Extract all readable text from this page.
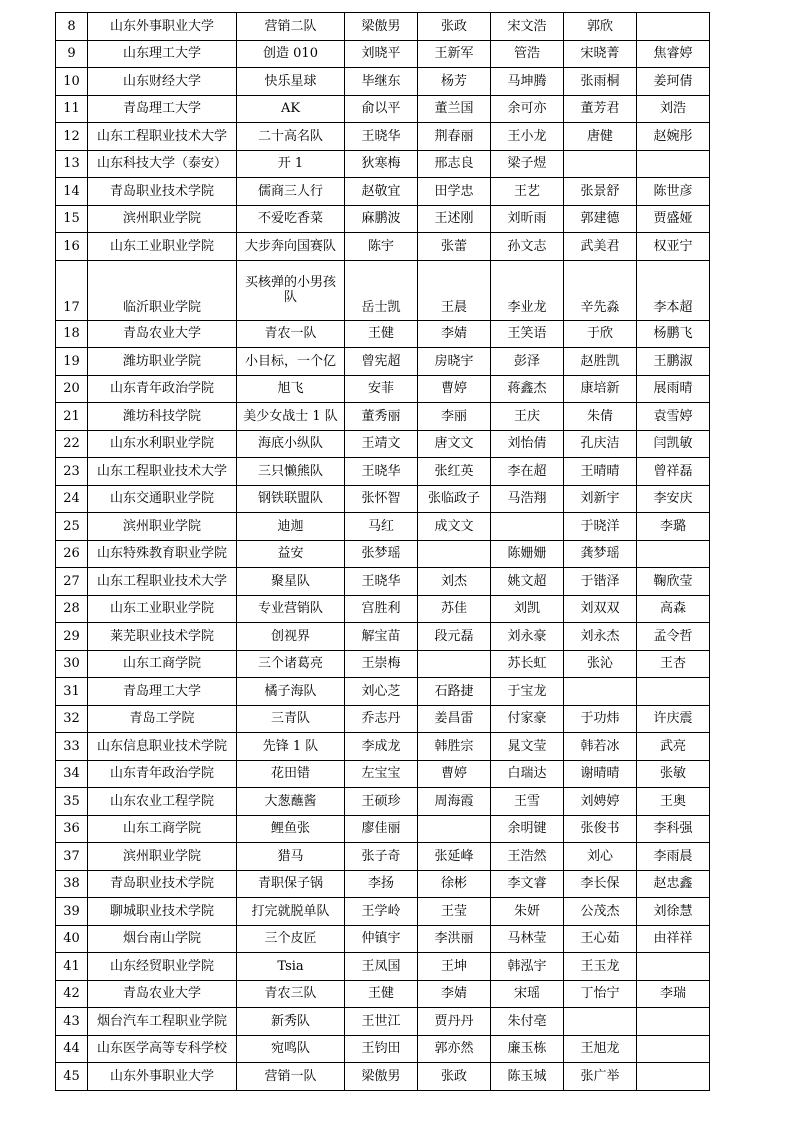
8	山东外事职业大学	营销二队	梁傲男	张政	宋文浩	郭欣	
9	山东理工大学	创造 010	刘晓平	王新军	管浩	宋晓菁	焦睿婷
10	山东财经大学	快乐星球	毕继东	杨芳	马坤腾	张雨桐	姜珂倩
11	青岛理工大学	AK	俞以平	董兰国	余可亦	董芳君	刘浩
12	山东工程职业技术大学	二十高名队	王晓华	荆春丽	王小龙	唐健	赵婉彤
13	山东科技大学（泰安）	开 1	狄寒梅	邢志良	梁子煜		
14	青岛职业技术学院	儒商三人行	赵敬宜	田学忠	王艺	张景舒	陈世彦
15	滨州职业学院	不爱吃香菜	麻鹏波	王述刚	刘昕雨	郭建德	贾盛娅
16	山东工业职业学院	大步奔向国赛队	陈宇	张蕾	孙文志	武美君	权亚宁
17	临沂职业学院	买核弹的小男孩队	岳士凯	王晨	李业龙	辛先淼	李本超
18	青岛农业大学	青农一队	王健	李婧	王笑语	于欣	杨鹏飞
19	潍坊职业学院	小目标，一个亿	曾宪超	房晓宇	彭泽	赵胜凯	王鹏淑
20	山东青年政治学院	旭飞	安菲	曹婷	蒋鑫杰	康培新	展雨晴
21	潍坊科技学院	美少女战士 1 队	董秀丽	李丽	王庆	朱倩	袁雪婷
22	山东水利职业学院	海底小纵队	王靖文	唐文文	刘怡倩	孔庆洁	闫凯敏
23	山东工程职业技术大学	三只懒熊队	王晓华	张红英	李在超	王晴晴	曾祥磊
24	山东交通职业学院	钢铁联盟队	张怀智	张临政子	马浩翔	刘新宇	李安庆
25	滨州职业学院	迪迦	马红	成文文		于晓洋	李璐
26	山东特殊教育职业学院	益安	张梦瑶		陈姗姗	龚梦瑶	
27	山东工程职业技术大学	聚星队	王晓华	刘杰	姚文超	于锴泽	鞠欣莹
28	山东工业职业学院	专业营销队	宫胜利	苏佳	刘凯	刘双双	高森
29	莱芜职业技术学院	创视界	解宝苗	段元磊	刘永豪	刘永杰	孟令哲
30	山东工商学院	三个诸葛亮	王崇梅		苏长虹	张沁	王杏
31	青岛理工大学	橘子海队	刘心芝	石路捷	于宝龙		
32	青岛工学院	三青队	乔志丹	姜昌雷	付家豪	于功炜	许庆震
33	山东信息职业技术学院	先锋 1 队	李成龙	韩胜宗	晁文莹	韩若冰	武亮
34	山东青年政治学院	花田错	左宝宝	曹婷	白瑞达	谢晴晴	张敏
35	山东农业工程学院	大葱蘸酱	王硕珍	周海霞	王雪	刘娉婷	王奥
36	山东工商学院	鲤鱼张	廖佳丽		余明键	张俊书	李科强
37	滨州职业学院	猎马	张子奇	张延峰	王浩然	刘心	李雨晨
38	青岛职业技术学院	青职保子锅	李扬	徐彬	李文睿	李长保	赵忠鑫
39	聊城职业技术学院	打完就脱单队	王学岭	王莹	朱妍	公茂杰	刘徐慧
40	烟台南山学院	三个皮匠	仲镇宇	李洪丽	马林莹	王心茹	由祥祥
41	山东经贸职业学院	Tsia	王凤国	王坤	韩泓宇	王玉龙	
42	青岛农业大学	青农三队	王健	李婧	宋瑶	丁怡宁	李瑞
43	烟台汽车工程职业学院	新秀队	王世江	贾丹丹	朱付亳		
44	山东医学高等专科学校	宛鸣队	王钧田	郭亦然	廉玉栋	王旭龙	
45	山东外事职业大学	营销一队	梁傲男	张政	陈玉城	张广举	
